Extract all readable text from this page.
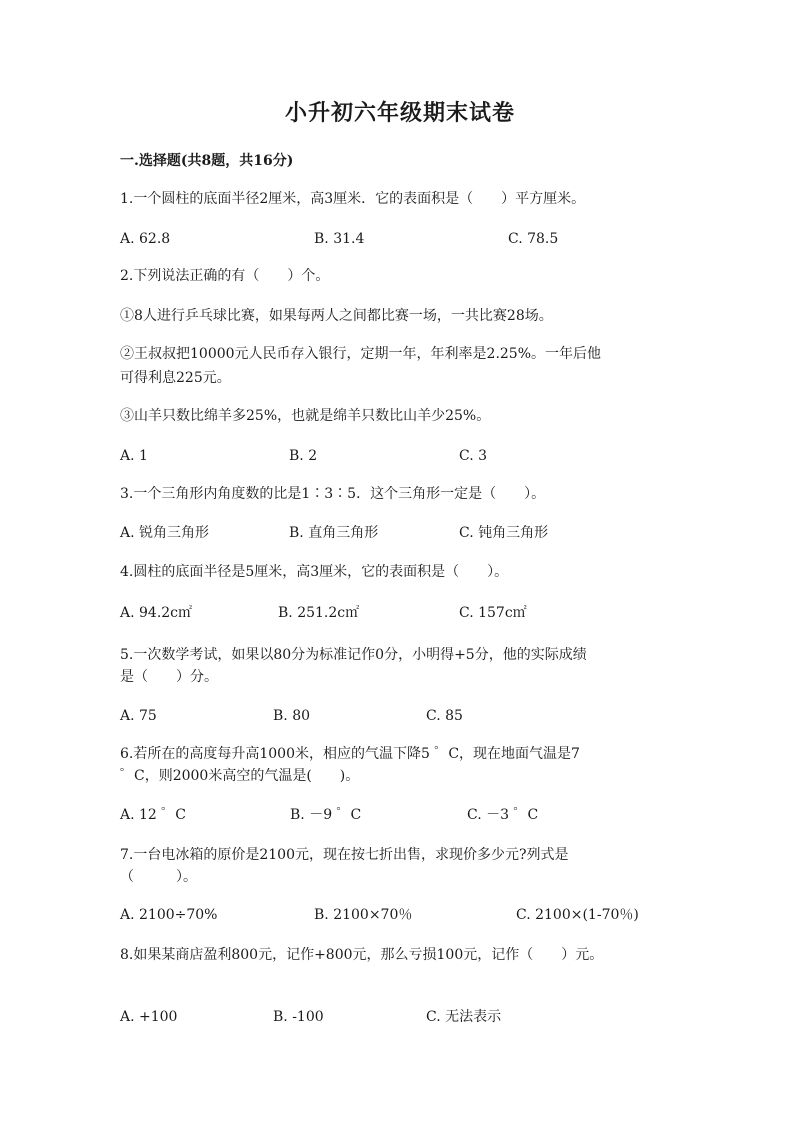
小升初六年级期末试卷
一.选择题(共8题，共16分)
1.一个圆柱的底面半径2厘米，高3厘米．它的表面积是（　　）平方厘米。
A. 62.8	B. 31.4	C. 78.5
2.下列说法正确的有（　　）个。
①8人进行乒乓球比赛，如果每两人之间都比赛一场，一共比赛28场。
②王叔叔把10000元人民币存入银行，定期一年，年利率是2.25%。一年后他
可得利息225元。
③山羊只数比绵羊多25%，也就是绵羊只数比山羊少25%。
A. 1	B. 2	C. 3
3.一个三角形内角度数的比是1∶3∶5．这个三角形一定是（　　）。
A. 锐角三角形	B. 直角三角形	C. 钝角三角形
4.圆柱的底面半径是5厘米，高3厘米，它的表面积是（　　）。
A. 94.2c㎡	B. 251.2c㎡	C. 157c㎡
5.一次数学考试，如果以80分为标准记作0分，小明得+5分，他的实际成绩
是（　　）分。
A. 75	B. 80	C. 85
6.若所在的高度每升高1000米，相应的气温下降5 ゜C，现在地面气温是7
゜C，则2000米高空的气温是(　　)。
A. 12 ゜C	B. －9 ゜C	C. －3 ゜C
7.一台电冰箱的原价是2100元，现在按七折出售，求现价多少元?列式是
（　　　）。
A. 2100÷70%	B. 2100×70％	C. 2100×(1-70％)
8.如果某商店盈利800元，记作+800元，那么亏损100元，记作（　　）元。
A. +100	B. -100	C. 无法表示
